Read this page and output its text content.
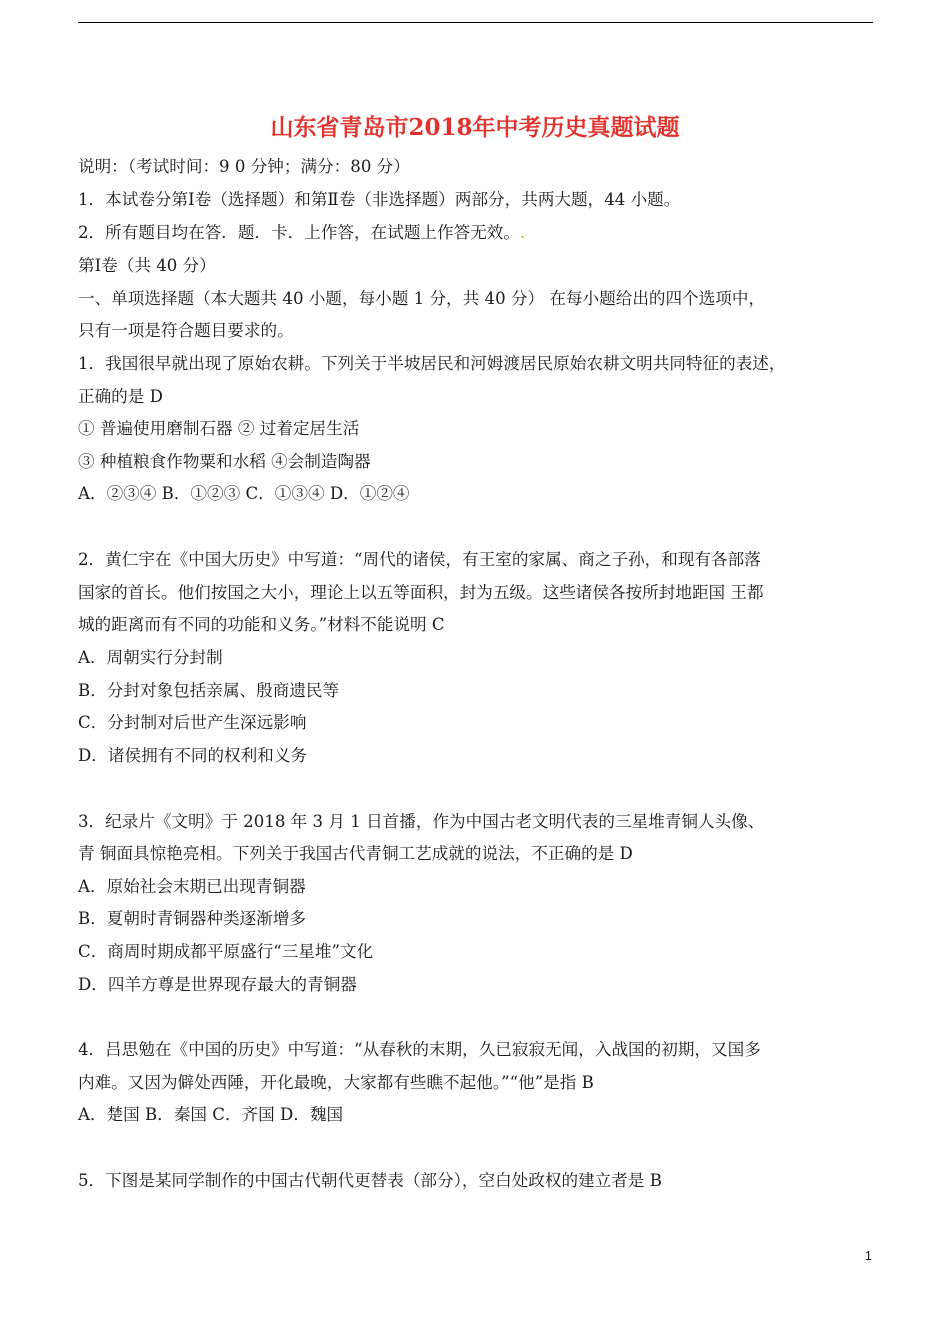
山东省青岛市2018年中考历史真题试题
说明：（考试时间：9 0 分钟；满分：80 分）
1．本试卷分第Ⅰ卷（选择题）和第Ⅱ卷（非选择题）两部分，共两大题，44 小题。
2．所有题目均在答．题．卡．上作答，在试题上作答无效。.
第Ⅰ卷（共 40 分）
一、单项选择题（本大题共 40 小题，每小题 1 分，共 40 分） 在每小题给出的四个选项中，
只有一项是符合题目要求的。
1．我国很早就出现了原始农耕。下列关于半坡居民和河姆渡居民原始农耕文明共同特征的表述，
正确的是 D
① 普遍使用磨制石器 ② 过着定居生活
③ 种植粮食作物粟和水稻 ④会制造陶器
A．②③④ B．①②③ C．①③④ D．①②④
2．黄仁宇在《中国大历史》中写道：“周代的诸侯，有王室的家属、商之子孙，和现有各部落
国家的首长。他们按国之大小，理论上以五等面积，封为五级。这些诸侯各按所封地距国 王都
城的距离而有不同的功能和义务。”材料不能说明 C
A．周朝实行分封制
B．分封对象包括亲属、殷商遗民等
C．分封制对后世产生深远影响
D．诸侯拥有不同的权利和义务
3．纪录片《文明》于 2018 年 3 月 1 日首播，作为中国古老文明代表的三星堆青铜人头像、
青 铜面具惊艳亮相。下列关于我国古代青铜工艺成就的说法，不正确的是 D
A．原始社会末期已出现青铜器
B．夏朝时青铜器种类逐渐增多
C．商周时期成都平原盛行“三星堆”文化
D．四羊方尊是世界现存最大的青铜器
4．吕思勉在《中国的历史》中写道：“从春秋的末期，久已寂寂无闻，入战国的初期，又国多
内难。又因为僻处西陲，开化最晚，大家都有些瞧不起他。”“他”是指 B
A．楚国 B．秦国 C．齐国 D．魏国
5．下图是某同学制作的中国古代朝代更替表（部分），空白处政权的建立者是 B
1
